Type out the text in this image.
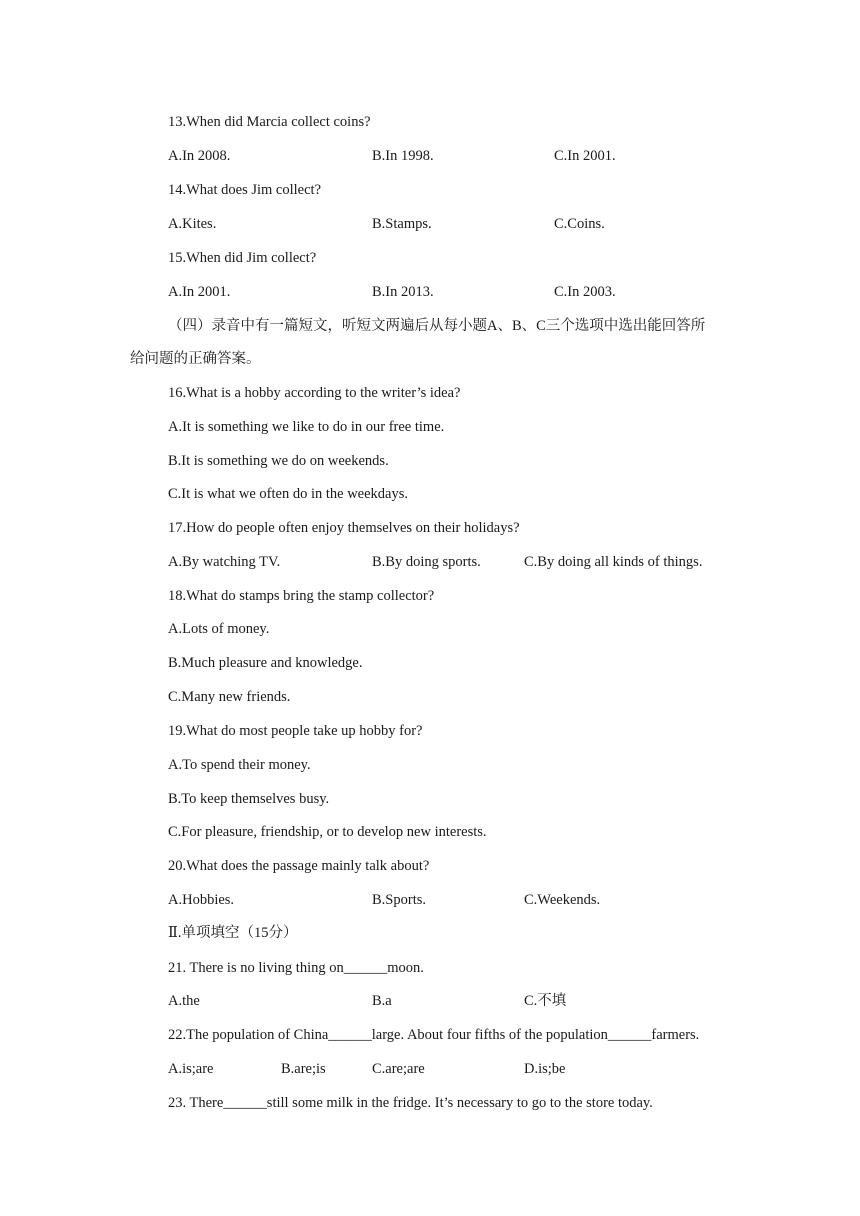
13.When did Marcia collect coins?
A.In 2008.	B.In 1998.	C.In 2001.
14.What does Jim collect?
A.Kites.	B.Stamps.	C.Coins.
15.When did Jim collect?
A.In 2001.	B.In 2013.	C.In 2003.
（四）录音中有一篇短文，听短文两遍后从每小题A、B、C三个选项中选出能回答所
给问题的正确答案。
16.What is a hobby according to the writer’s idea?
A.It is something we like to do in our free time.
B.It is something we do on weekends.
C.It is what we often do in the weekdays.
17.How do people often enjoy themselves on their holidays?
A.By watching TV.	B.By doing sports.	C.By doing all kinds of things.
18.What do stamps bring the stamp collector?
A.Lots of money.
B.Much pleasure and knowledge.
C.Many new friends.
19.What do most people take up hobby for?
A.To spend their money.
B.To keep themselves busy.
C.For pleasure, friendship, or to develop new interests.
20.What does the passage mainly talk about?
A.Hobbies.	B.Sports.	C.Weekends.
Ⅱ.单项填空（15分）
21. There is no living thing on______moon.
A.the	B.a	C.不填
22.The population of China______large. About four fifths of the population______farmers.
A.is;are	B.are;is	C.are;are	D.is;be
23. There______still some milk in the fridge. It’s necessary to go to the store today.
